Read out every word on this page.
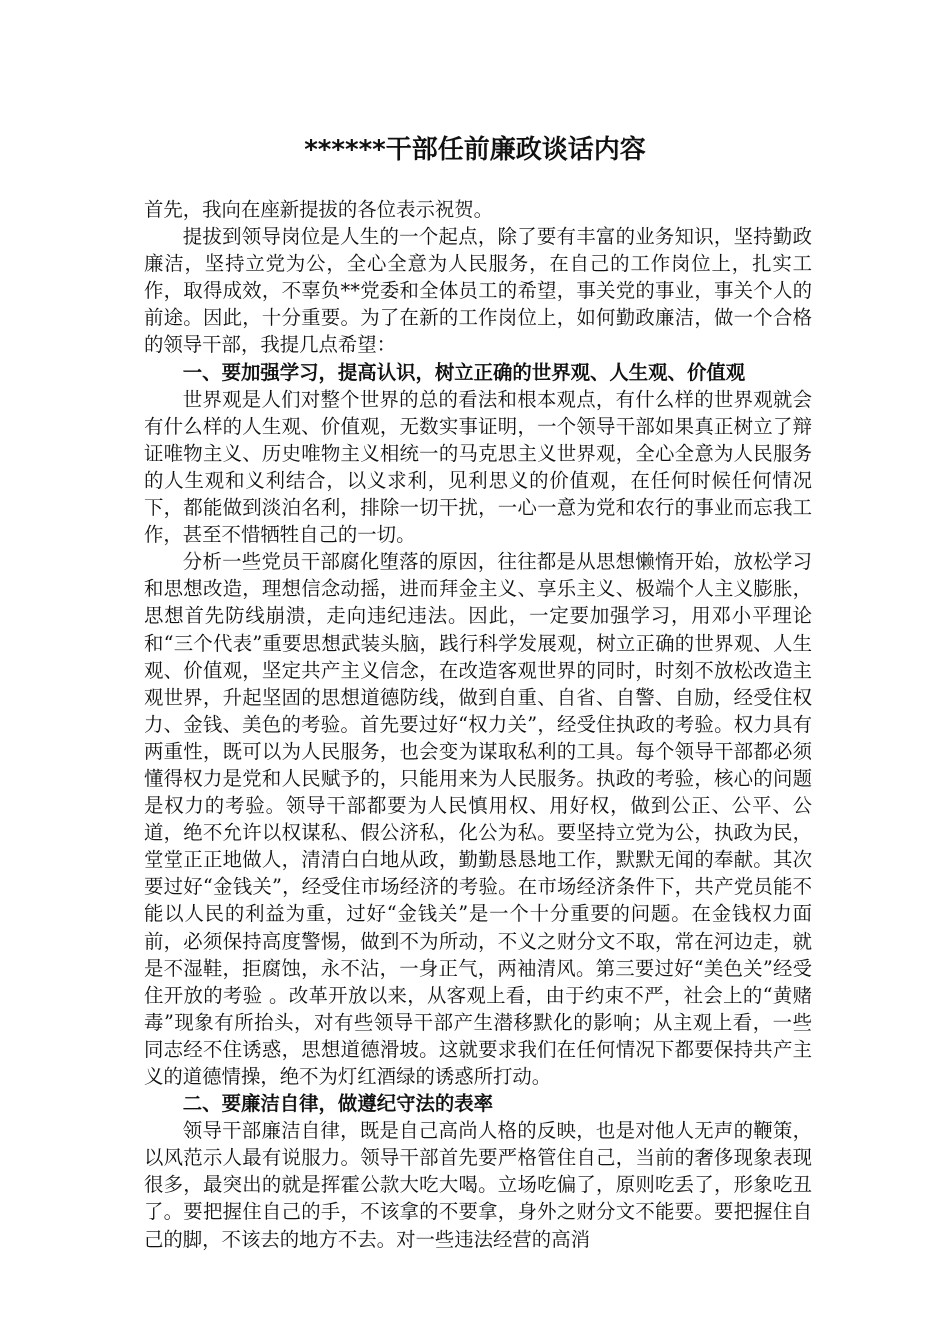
******干部任前廉政谈话内容

首先，我向在座新提拔的各位表示祝贺。

提拔到领导岗位是人生的一个起点，除了要有丰富的业务知识，坚持勤政廉洁，坚持立党为公，全心全意为人民服务，在自己的工作岗位上，扎实工作，取得成效，不辜负**党委和全体员工的希望，事关党的事业，事关个人的前途。因此，十分重要。为了在新的工作岗位上，如何勤政廉洁，做一个合格的领导干部，我提几点希望：

一、要加强学习，提高认识，树立正确的世界观、人生观、价值观

世界观是人们对整个世界的总的看法和根本观点，有什么样的世界观就会有什么样的人生观、价值观，无数实事证明，一个领导干部如果真正树立了辩证唯物主义、历史唯物主义相统一的马克思主义世界观，全心全意为人民服务的人生观和义利结合，以义求利，见利思义的价值观，在任何时候任何情况下，都能做到淡泊名利，排除一切干扰，一心一意为党和农行的事业而忘我工作，甚至不惜牺牲自己的一切。

分析一些党员干部腐化堕落的原因，往往都是从思想懒惰开始，放松学习和思想改造，理想信念动摇，进而拜金主义、享乐主义、极端个人主义膨胀，思想首先防线崩溃，走向违纪违法。因此，一定要加强学习，用邓小平理论和“三个代表”重要思想武装头脑，践行科学发展观，树立正确的世界观、人生观、价值观，坚定共产主义信念，在改造客观世界的同时，时刻不放松改造主观世界，升起坚固的思想道德防线，做到自重、自省、自警、自励，经受住权力、金钱、美色的考验。首先要过好“权力关”，经受住执政的考验。权力具有两重性，既可以为人民服务，也会变为谋取私利的工具。每个领导干部都必须懂得权力是党和人民赋予的，只能用来为人民服务。执政的考验，核心的问题是权力的考验。领导干部都要为人民慎用权、用好权，做到公正、公平、公道，绝不允许以权谋私、假公济私，化公为私。要坚持立党为公，执政为民，堂堂正正地做人，清清白白地从政，勤勤恳恳地工作，默默无闻的奉献。其次要过好“金钱关”，经受住市场经济的考验。在市场经济条件下，共产党员能不能以人民的利益为重，过好“金钱关”是一个十分重要的问题。在金钱权力面前，必须保持高度警惕，做到不为所动，不义之财分文不取，常在河边走，就是不湿鞋，拒腐蚀，永不沾，一身正气，两袖清风。第三要过好“美色关”经受住开放的考验 。改革开放以来，从客观上看，由于约束不严，社会上的“黄赌毒”现象有所抬头，对有些领导干部产生潜移默化的影响；从主观上看，一些同志经不住诱惑，思想道德滑坡。这就要求我们在任何情况下都要保持共产主义的道德情操，绝不为灯红酒绿的诱惑所打动。

二、要廉洁自律，做遵纪守法的表率

领导干部廉洁自律，既是自己高尚人格的反映，也是对他人无声的鞭策，以风范示人最有说服力。领导干部首先要严格管住自己，当前的奢侈现象表现很多，最突出的就是挥霍公款大吃大喝。立场吃偏了，原则吃丢了，形象吃丑了。要把握住自己的手，不该拿的不要拿，身外之财分文不能要。要把握住自己的脚，不该去的地方不去。对一些违法经营的高消
